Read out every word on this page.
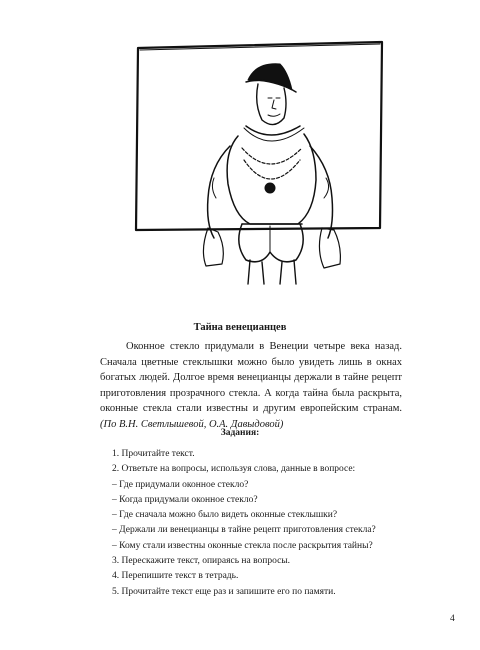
Тайна венецианцев

Оконное стекло придумали в Венеции четыре века назад. Сначала цветные стеклышки можно было увидеть лишь в окнах богатых людей. Долгое время венецианцы держали в тайне рецепт приготовления прозрачного стекла. А когда тайна была раскрыта, оконные стекла стали известны и другим европейским странам. (По В.Н. Светлышевой, О.А. Давыдовой)

Задания:
1. Прочитайте текст.
2. Ответьте на вопросы, используя слова, данные в вопросе:
– Где придумали оконное стекло?
– Когда придумали оконное стекло?
– Где сначала можно было видеть оконные стеклышки?
– Держали ли венецианцы в тайне рецепт приготовления стекла?
– Кому стали известны оконные стекла после раскрытия тайны?
3. Перескажите текст, опираясь на вопросы.
4. Перепишите текст в тетрадь.
5. Прочитайте текст еще раз и запишите его по памяти.
4
